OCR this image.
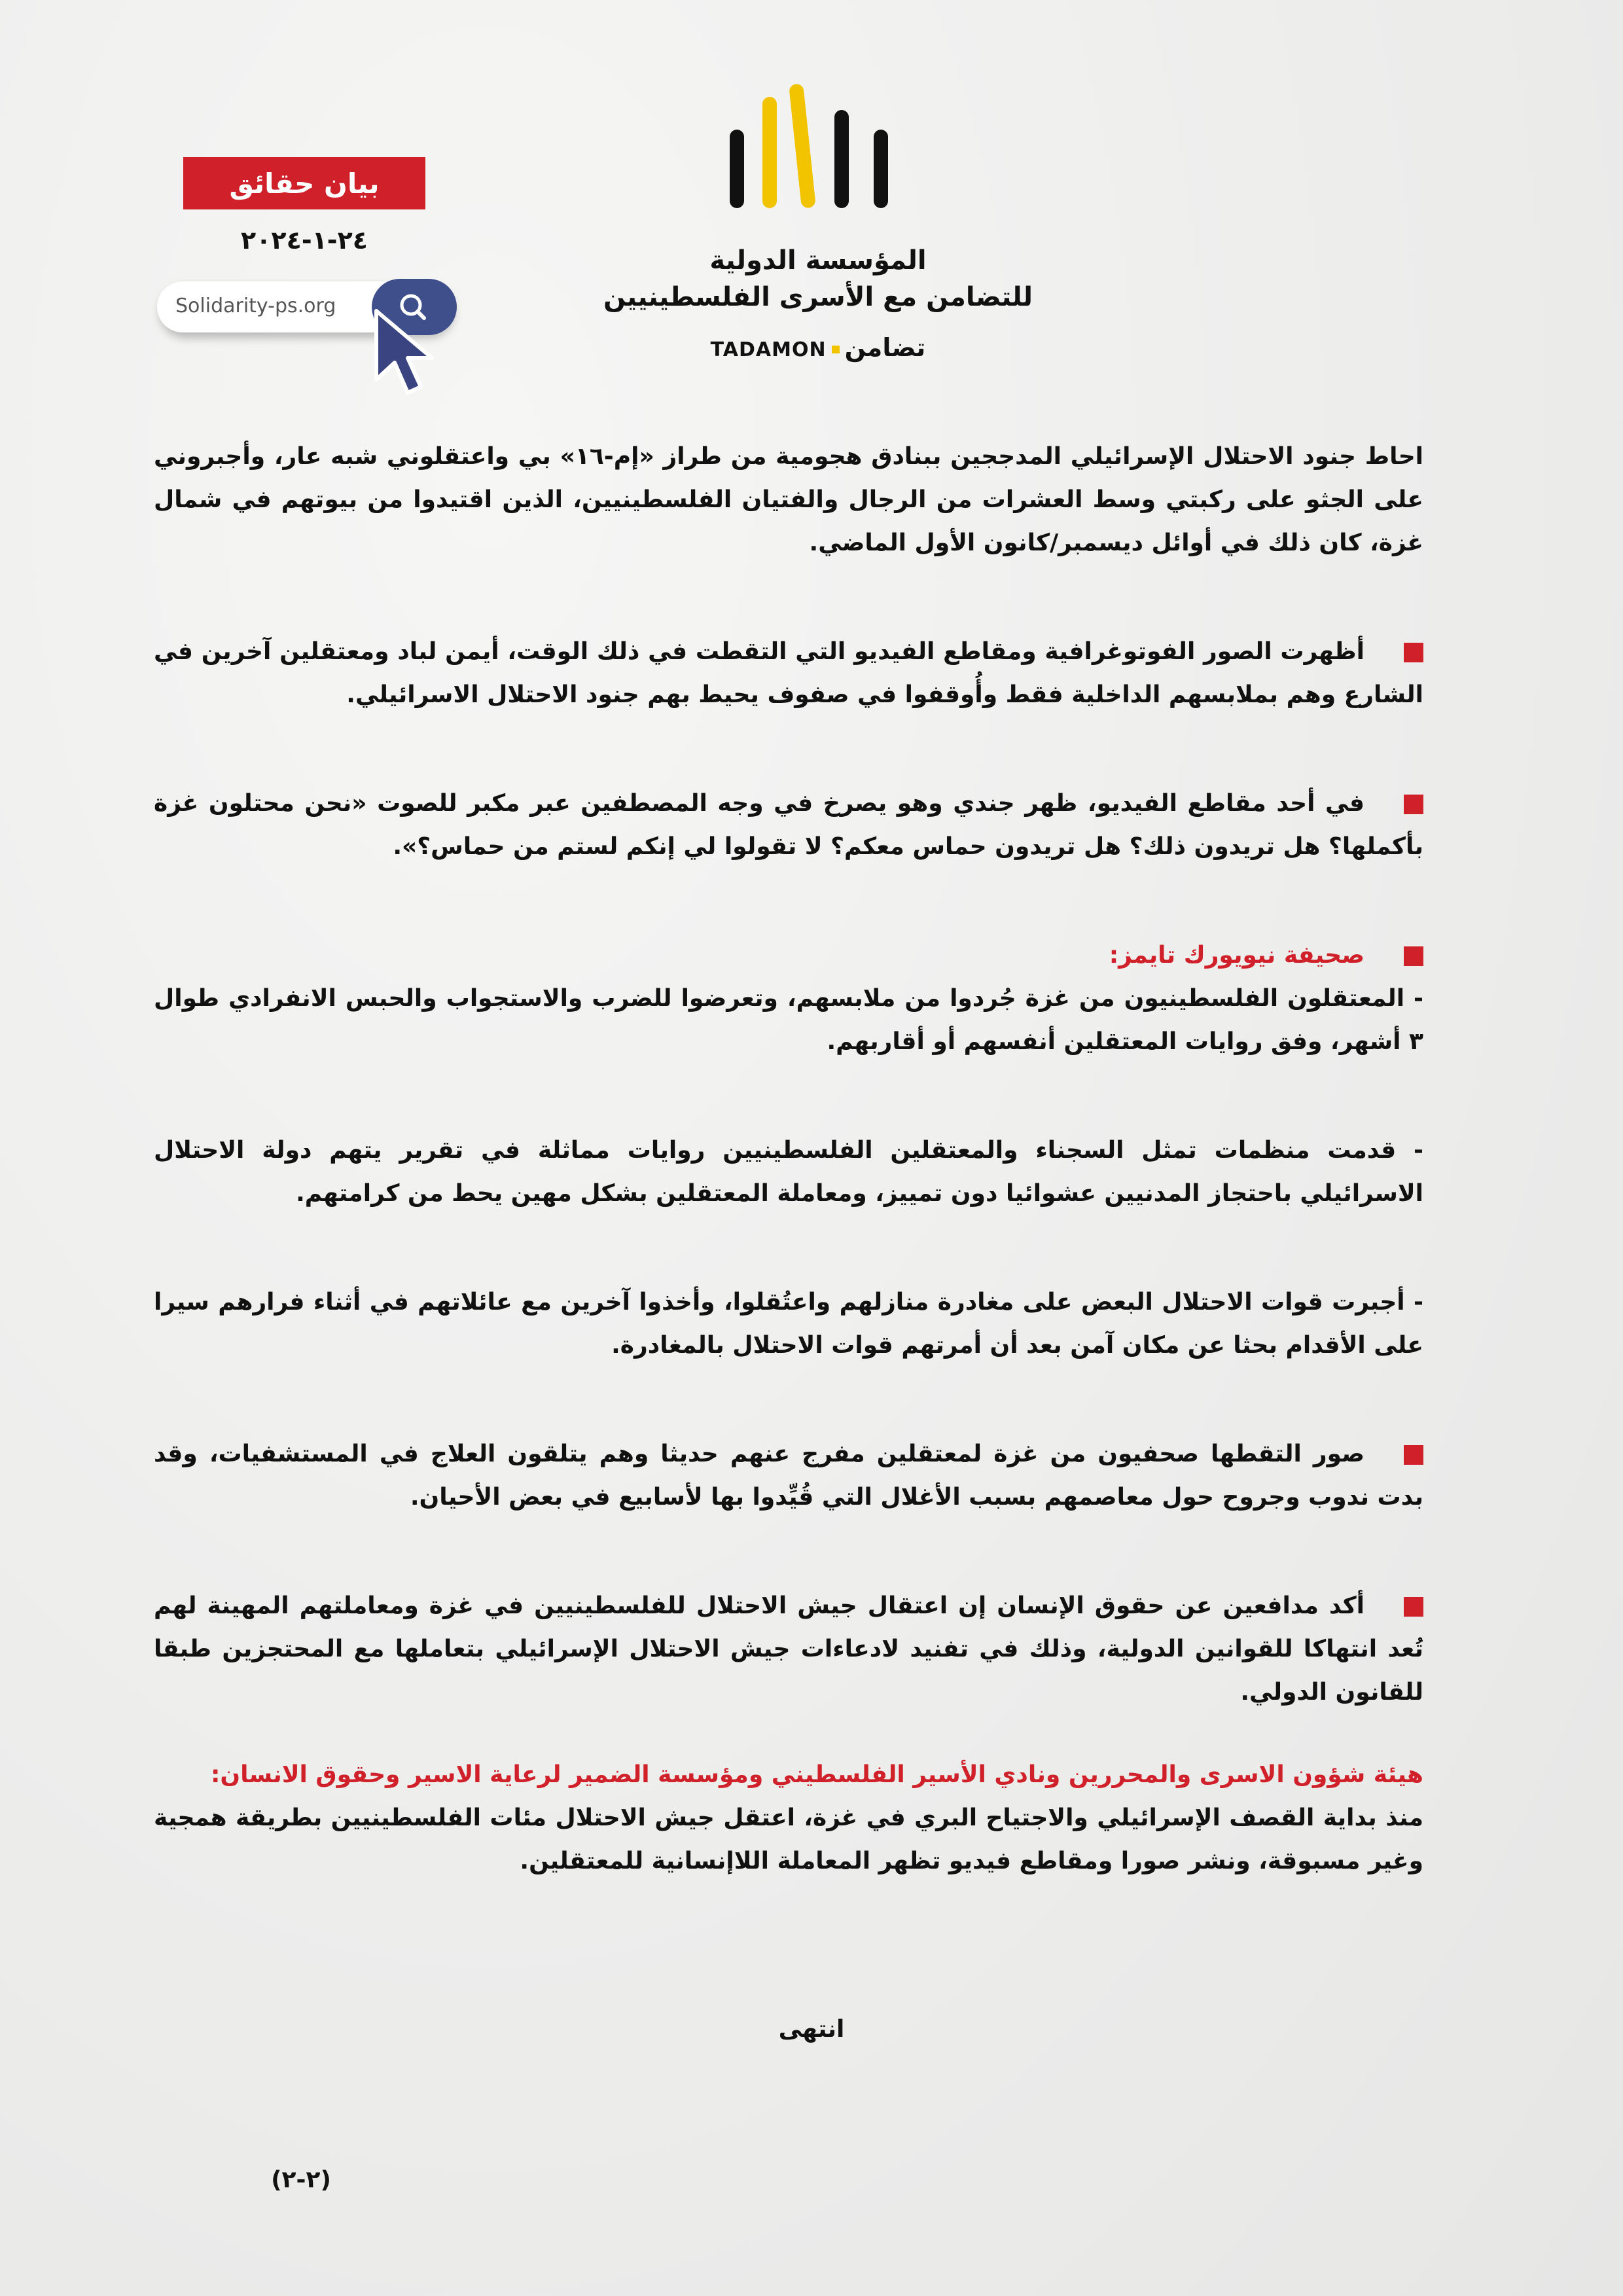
المؤسسة الدولية
للتضامن مع الأسرى الفلسطينيين
TADAMON تضامن
بيان حقائق
٢٤-١-٢٠٢٤
Solidarity-ps.org

احاط جنود الاحتلال الإسرائيلي المدججين ببنادق هجومية من طراز «إم-١٦» بي واعتقلوني شبه عار، وأجبروني على الجثو على ركبتي وسط العشرات من الرجال والفتيان الفلسطينيين، الذين اقتيدوا من بيوتهم في شمال غزة، كان ذلك في أوائل ديسمبر/كانون الأول الماضي.

أظهرت الصور الفوتوغرافية ومقاطع الفيديو التي التقطت في ذلك الوقت، أيمن لباد ومعتقلين آخرين في الشارع وهم بملابسهم الداخلية فقط وأُوقفوا في صفوف يحيط بهم جنود الاحتلال الاسرائيلي.

في أحد مقاطع الفيديو، ظهر جندي وهو يصرخ في وجه المصطفين عبر مكبر للصوت «نحن محتلون غزة بأكملها؟ هل تريدون ذلك؟ هل تريدون حماس معكم؟ لا تقولوا لي إنكم لستم من حماس؟».

صحيفة نيويورك تايمز:

- المعتقلون الفلسطينيون من غزة جُردوا من ملابسهم، وتعرضوا للضرب والاستجواب والحبس الانفرادي طوال ٣ أشهر، وفق روايات المعتقلين أنفسهم أو أقاربهم.

- قدمت منظمات تمثل السجناء والمعتقلين الفلسطينيين روايات مماثلة في تقرير يتهم دولة الاحتلال الاسرائيلي باحتجاز المدنيين عشوائيا دون تمييز، ومعاملة المعتقلين بشكل مهين يحط من كرامتهم.

- أجبرت قوات الاحتلال البعض على مغادرة منازلهم واعتُقلوا، وأخذوا آخرين مع عائلاتهم في أثناء فرارهم سيرا على الأقدام بحثا عن مكان آمن بعد أن أمرتهم قوات الاحتلال بالمغادرة.

صور التقطها صحفيون من غزة لمعتقلين مفرج عنهم حديثا وهم يتلقون العلاج في المستشفيات، وقد بدت ندوب وجروح حول معاصمهم بسبب الأغلال التي قُيِّدوا بها لأسابيع في بعض الأحيان.

أكد مدافعين عن حقوق الإنسان إن اعتقال جيش الاحتلال للفلسطينيين في غزة ومعاملتهم المهينة لهم تُعد انتهاكا للقوانين الدولية، وذلك في تفنيد لادعاءات جيش الاحتلال الإسرائيلي بتعاملها مع المحتجزين طبقا للقانون الدولي.

هيئة شؤون الاسرى والمحررين ونادي الأسير الفلسطيني ومؤسسة الضمير لرعاية الاسير وحقوق الانسان:

منذ بداية القصف الإسرائيلي والاجتياح البري في غزة، اعتقل جيش الاحتلال مئات الفلسطينيين بطريقة همجية وغير مسبوقة، ونشر صورا ومقاطع فيديو تظهر المعاملة اللاإنسانية للمعتقلين.

انتهى
(٢-٢)
